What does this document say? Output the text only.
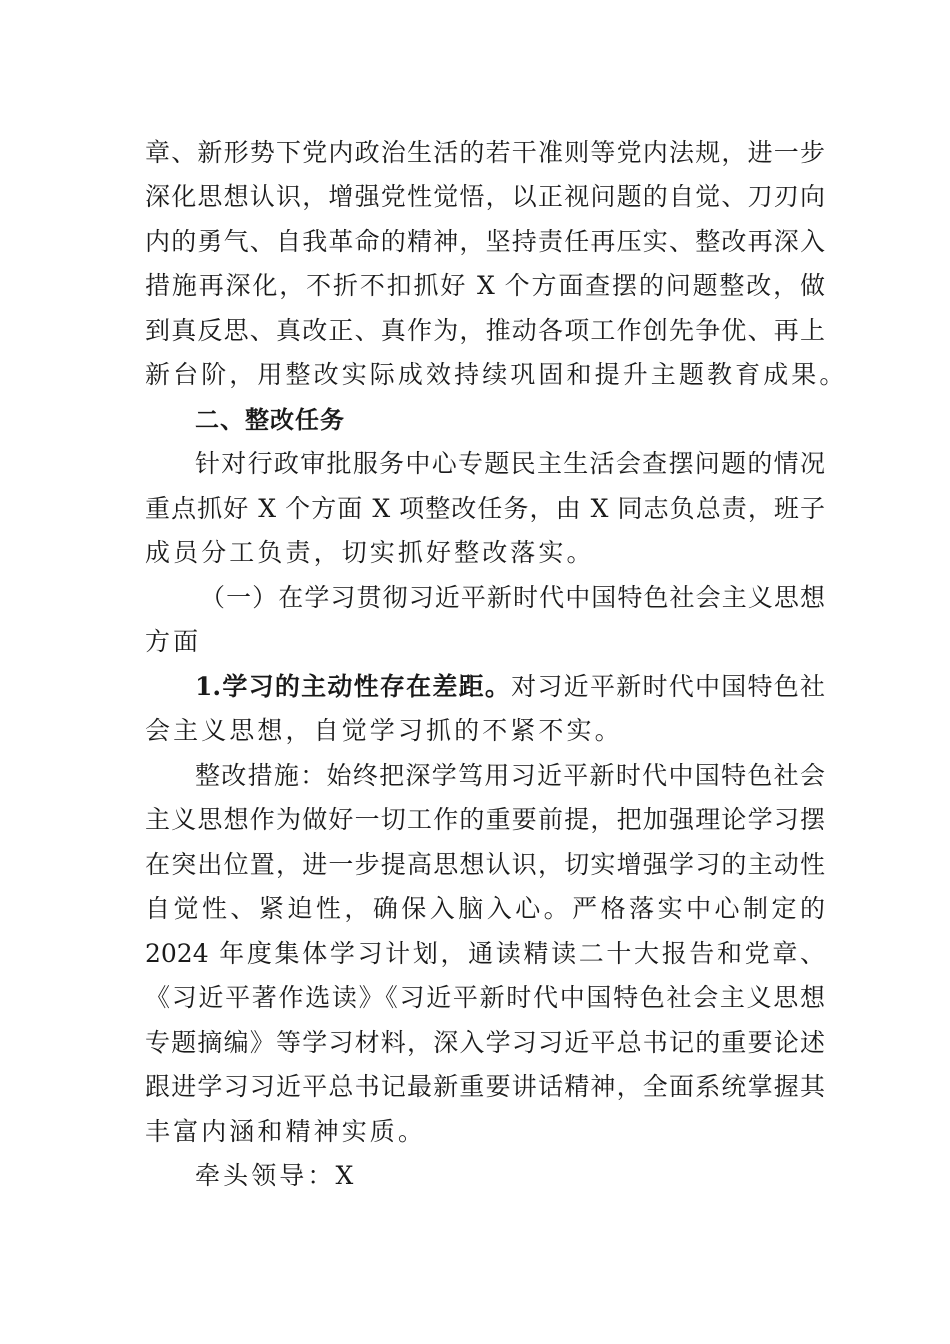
章、新形势下党内政治生活的若干准则等党内法规，进一步
深化思想认识，增强党性觉悟，以正视问题的自觉、刀刃向
内的勇气、自我革命的精神，坚持责任再压实、整改再深入
措施再深化，不折不扣抓好 X 个方面查摆的问题整改，做
到真反思、真改正、真作为，推动各项工作创先争优、再上
新台阶，用整改实际成效持续巩固和提升主题教育成果。
二、整改任务
针对行政审批服务中心专题民主生活会查摆问题的情况
重点抓好 X 个方面 X 项整改任务，由 X 同志负总责，班子
成员分工负责，切实抓好整改落实。
（一）在学习贯彻习近平新时代中国特色社会主义思想
方面
1.学习的主动性存在差距。对习近平新时代中国特色社
会主义思想，自觉学习抓的不紧不实。
整改措施：始终把深学笃用习近平新时代中国特色社会
主义思想作为做好一切工作的重要前提，把加强理论学习摆
在突出位置，进一步提高思想认识，切实增强学习的主动性
自觉性、紧迫性，确保入脑入心。严格落实中心制定的
2024 年度集体学习计划，通读精读二十大报告和党章、
《习近平著作选读》《习近平新时代中国特色社会主义思想
专题摘编》等学习材料，深入学习习近平总书记的重要论述
跟进学习习近平总书记最新重要讲话精神，全面系统掌握其
丰富内涵和精神实质。
牵头领导：X
